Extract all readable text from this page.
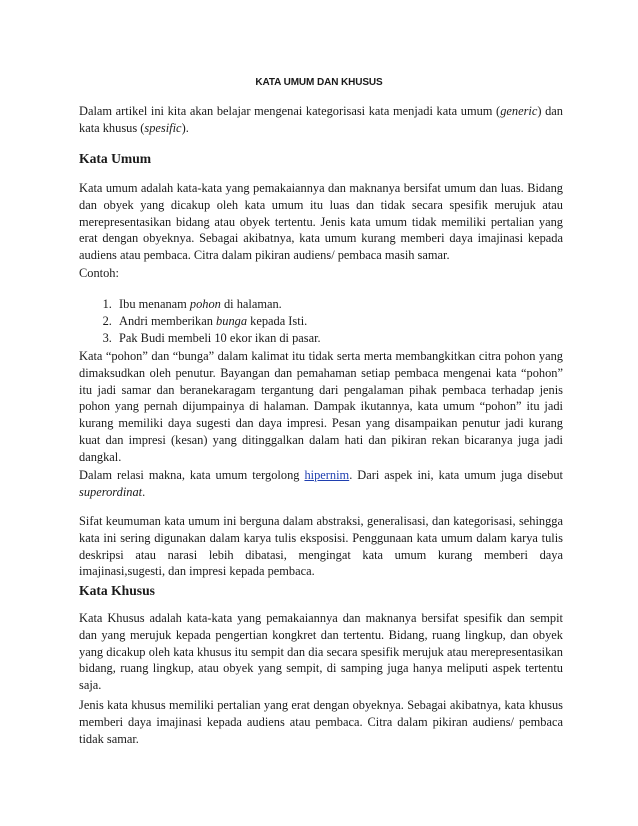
KATA UMUM DAN KHUSUS

Dalam artikel ini kita akan belajar mengenai kategorisasi kata menjadi kata umum (generic) dan kata khusus (spesific).

Kata Umum

Kata umum adalah kata-kata yang pemakaiannya dan maknanya bersifat umum dan luas. Bidang dan obyek yang dicakup oleh kata umum itu luas dan tidak secara spesifik merujuk atau merepresentasikan bidang atau obyek tertentu. Jenis kata umum tidak memiliki pertalian yang erat dengan obyeknya. Sebagai akibatnya, kata umum kurang memberi daya imajinasi kepada audiens atau pembaca. Citra dalam pikiran audiens/ pembaca masih samar.

Contoh:

1. Ibu menanam pohon di halaman.
2. Andri memberikan bunga kepada Isti.
3. Pak Budi membeli 10 ekor ikan di pasar.

Kata “pohon” dan “bunga” dalam kalimat itu tidak serta merta membangkitkan citra pohon yang dimaksudkan oleh penutur. Bayangan dan pemahaman setiap pembaca mengenai kata “pohon” itu jadi samar dan beranekaragam tergantung dari pengalaman pihak pembaca terhadap jenis pohon yang pernah dijumpainya di halaman. Dampak ikutannya, kata umum “pohon” itu jadi kurang memiliki daya sugesti dan daya impresi. Pesan yang disampaikan penutur jadi kurang kuat dan impresi (kesan) yang ditinggalkan dalam hati dan pikiran rekan bicaranya juga jadi dangkal.

Dalam relasi makna, kata umum tergolong hipernim. Dari aspek ini, kata umum juga disebut superordinat.

Sifat keumuman kata umum ini berguna dalam abstraksi, generalisasi, dan kategorisasi, sehingga kata ini sering digunakan dalam karya tulis eksposisi. Penggunaan kata umum dalam karya tulis deskripsi atau narasi lebih dibatasi, mengingat kata umum kurang memberi daya imajinasi,sugesti, dan impresi kepada pembaca.

Kata Khusus

Kata Khusus adalah kata-kata yang pemakaiannya dan maknanya bersifat spesifik dan sempit dan yang merujuk kepada pengertian kongkret dan tertentu. Bidang, ruang lingkup, dan obyek yang dicakup oleh kata khusus itu sempit dan dia secara spesifik merujuk atau merepresentasikan bidang, ruang lingkup, atau obyek yang sempit, di samping juga hanya meliputi aspek tertentu saja.

Jenis kata khusus memiliki pertalian yang erat dengan obyeknya. Sebagai akibatnya, kata khusus memberi daya imajinasi kepada audiens atau pembaca. Citra dalam pikiran audiens/ pembaca tidak samar.
